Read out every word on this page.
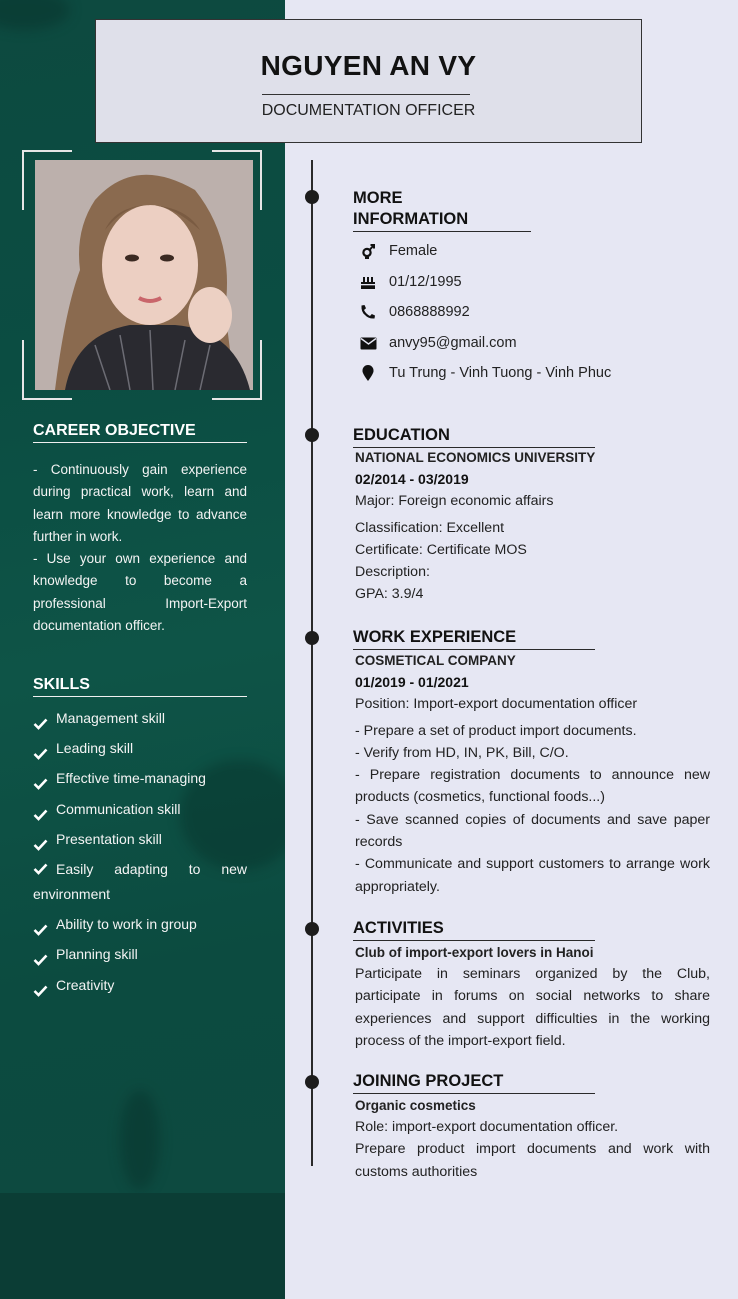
NGUYEN AN VY
DOCUMENTATION OFFICER
CAREER OBJECTIVE
- Continuously gain experience during practical work, learn and learn more knowledge to advance further in work.
- Use your own experience and knowledge to become a professional Import-Export documentation officer.
SKILLS
Management skill
Leading skill
Effective time-managing
Communication skill
Presentation skill
Easily adapting to new environment
Ability to work in group
Planning skill
Creativity
MORE INFORMATION
Female
01/12/1995
0868888992
anvy95@gmail.com
Tu Trung - Vinh Tuong - Vinh Phuc
EDUCATION
NATIONAL ECONOMICS UNIVERSITY
02/2014 - 03/2019
Major: Foreign economic affairs
Classification: Excellent
Certificate: Certificate MOS
Description:
GPA: 3.9/4
WORK EXPERIENCE
COSMETICAL COMPANY
01/2019 - 01/2021
Position: Import-export documentation officer
- Prepare a set of product import documents.
- Verify from HD, IN, PK, Bill, C/O.
- Prepare registration documents to announce new products (cosmetics, functional foods...)
- Save scanned copies of documents and save paper records
- Communicate and support customers to arrange work appropriately.
ACTIVITIES
Club of import-export lovers in Hanoi
Participate in seminars organized by the Club, participate in forums on social networks to share experiences and support difficulties in the working process of the import-export field.
JOINING PROJECT
Organic cosmetics
Role: import-export documentation officer.
Prepare product import documents and work with customs authorities
